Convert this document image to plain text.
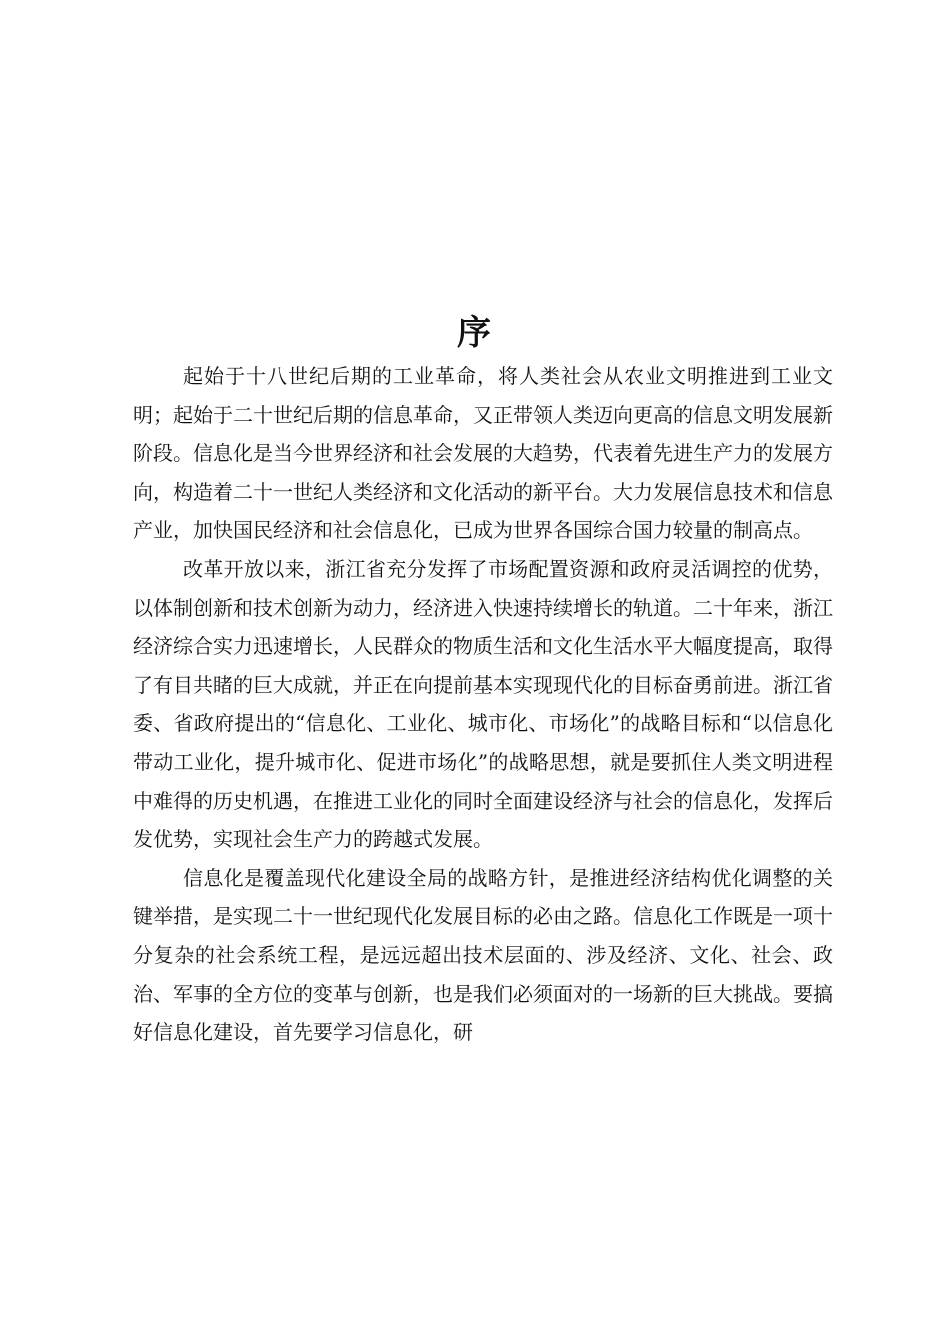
序

起始于十八世纪后期的工业革命，将人类社会从农业文明推进到工业文明；起始于二十世纪后期的信息革命，又正带领人类迈向更高的信息文明发展新阶段。信息化是当今世界经济和社会发展的大趋势，代表着先进生产力的发展方向，构造着二十一世纪人类经济和文化活动的新平台。大力发展信息技术和信息产业，加快国民经济和社会信息化，已成为世界各国综合国力较量的制高点。

改革开放以来，浙江省充分发挥了市场配置资源和政府灵活调控的优势，以体制创新和技术创新为动力，经济进入快速持续增长的轨道。二十年来，浙江经济综合实力迅速增长，人民群众的物质生活和文化生活水平大幅度提高，取得了有目共睹的巨大成就，并正在向提前基本实现现代化的目标奋勇前进。浙江省委、省政府提出的“信息化、工业化、城市化、市场化”的战略目标和“以信息化带动工业化，提升城市化、促进市场化”的战略思想，就是要抓住人类文明进程中难得的历史机遇，在推进工业化的同时全面建设经济与社会的信息化，发挥后发优势，实现社会生产力的跨越式发展。

信息化是覆盖现代化建设全局的战略方针，是推进经济结构优化调整的关键举措，是实现二十一世纪现代化发展目标的必由之路。信息化工作既是一项十分复杂的社会系统工程，是远远超出技术层面的、涉及经济、文化、社会、政治、军事的全方位的变革与创新，也是我们必须面对的一场新的巨大挑战。要搞好信息化建设，首先要学习信息化，研
